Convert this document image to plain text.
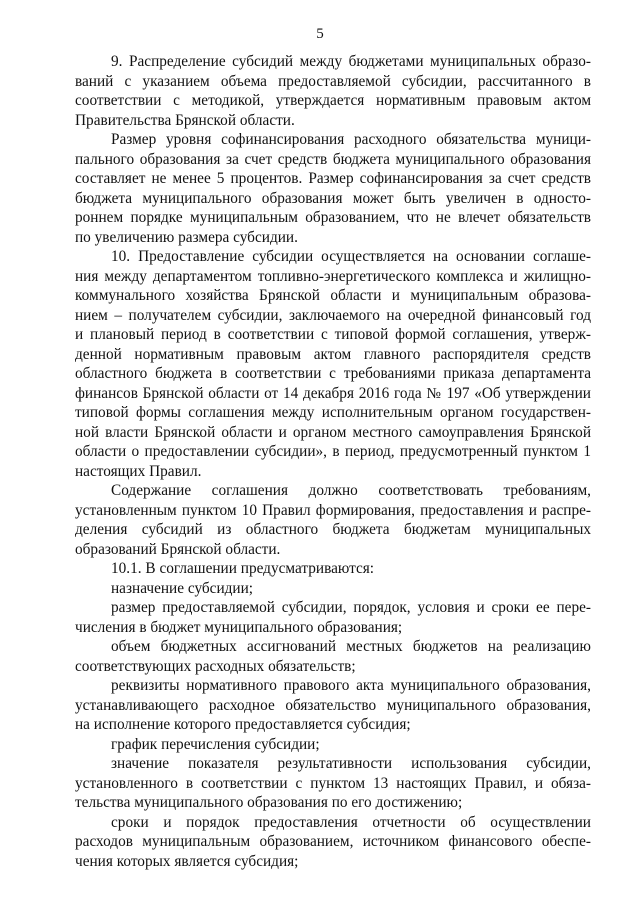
5
9. Распределение субсидий между бюджетами муниципальных образо-
ваний с указанием объема предоставляемой субсидии, рассчитанного в
соответствии с методикой, утверждается нормативным правовым актом
Правительства Брянской области.
Размер уровня софинансирования расходного обязательства муници-
пального образования за счет средств бюджета муниципального образования
составляет не менее 5 процентов. Размер софинансирования за счет средств
бюджета муниципального образования может быть увеличен в односто-
роннем порядке муниципальным образованием, что не влечет обязательств
по увеличению размера субсидии.
10. Предоставление субсидии осуществляется на основании соглаше-
ния между департаментом топливно-энергетического комплекса и жилищно-
коммунального хозяйства Брянской области и муниципальным образова-
нием – получателем субсидии, заключаемого на очередной финансовый год
и плановый период в соответствии с типовой формой соглашения, утверж-
денной нормативным правовым актом главного распорядителя средств
областного бюджета в соответствии с требованиями приказа департамента
финансов Брянской области от 14 декабря 2016 года № 197 «Об утверждении
типовой формы соглашения между исполнительным органом государствен-
ной власти Брянской области и органом местного самоуправления Брянской
области о предоставлении субсидии», в период, предусмотренный пунктом 1
настоящих Правил.
Содержание соглашения должно соответствовать требованиям,
установленным пунктом 10 Правил формирования, предоставления и распре-
деления субсидий из областного бюджета бюджетам муниципальных
образований Брянской области.
10.1. В соглашении предусматриваются:
назначение субсидии;
размер предоставляемой субсидии, порядок, условия и сроки ее пере-
числения в бюджет муниципального образования;
объем бюджетных ассигнований местных бюджетов на реализацию
соответствующих расходных обязательств;
реквизиты нормативного правового акта муниципального образования,
устанавливающего расходное обязательство муниципального образования,
на исполнение которого предоставляется субсидия;
график перечисления субсидии;
значение показателя результативности использования субсидии,
установленного в соответствии с пунктом 13 настоящих Правил, и обяза-
тельства муниципального образования по его достижению;
сроки и порядок предоставления отчетности об осуществлении
расходов муниципальным образованием, источником финансового обеспе-
чения которых является субсидия;
